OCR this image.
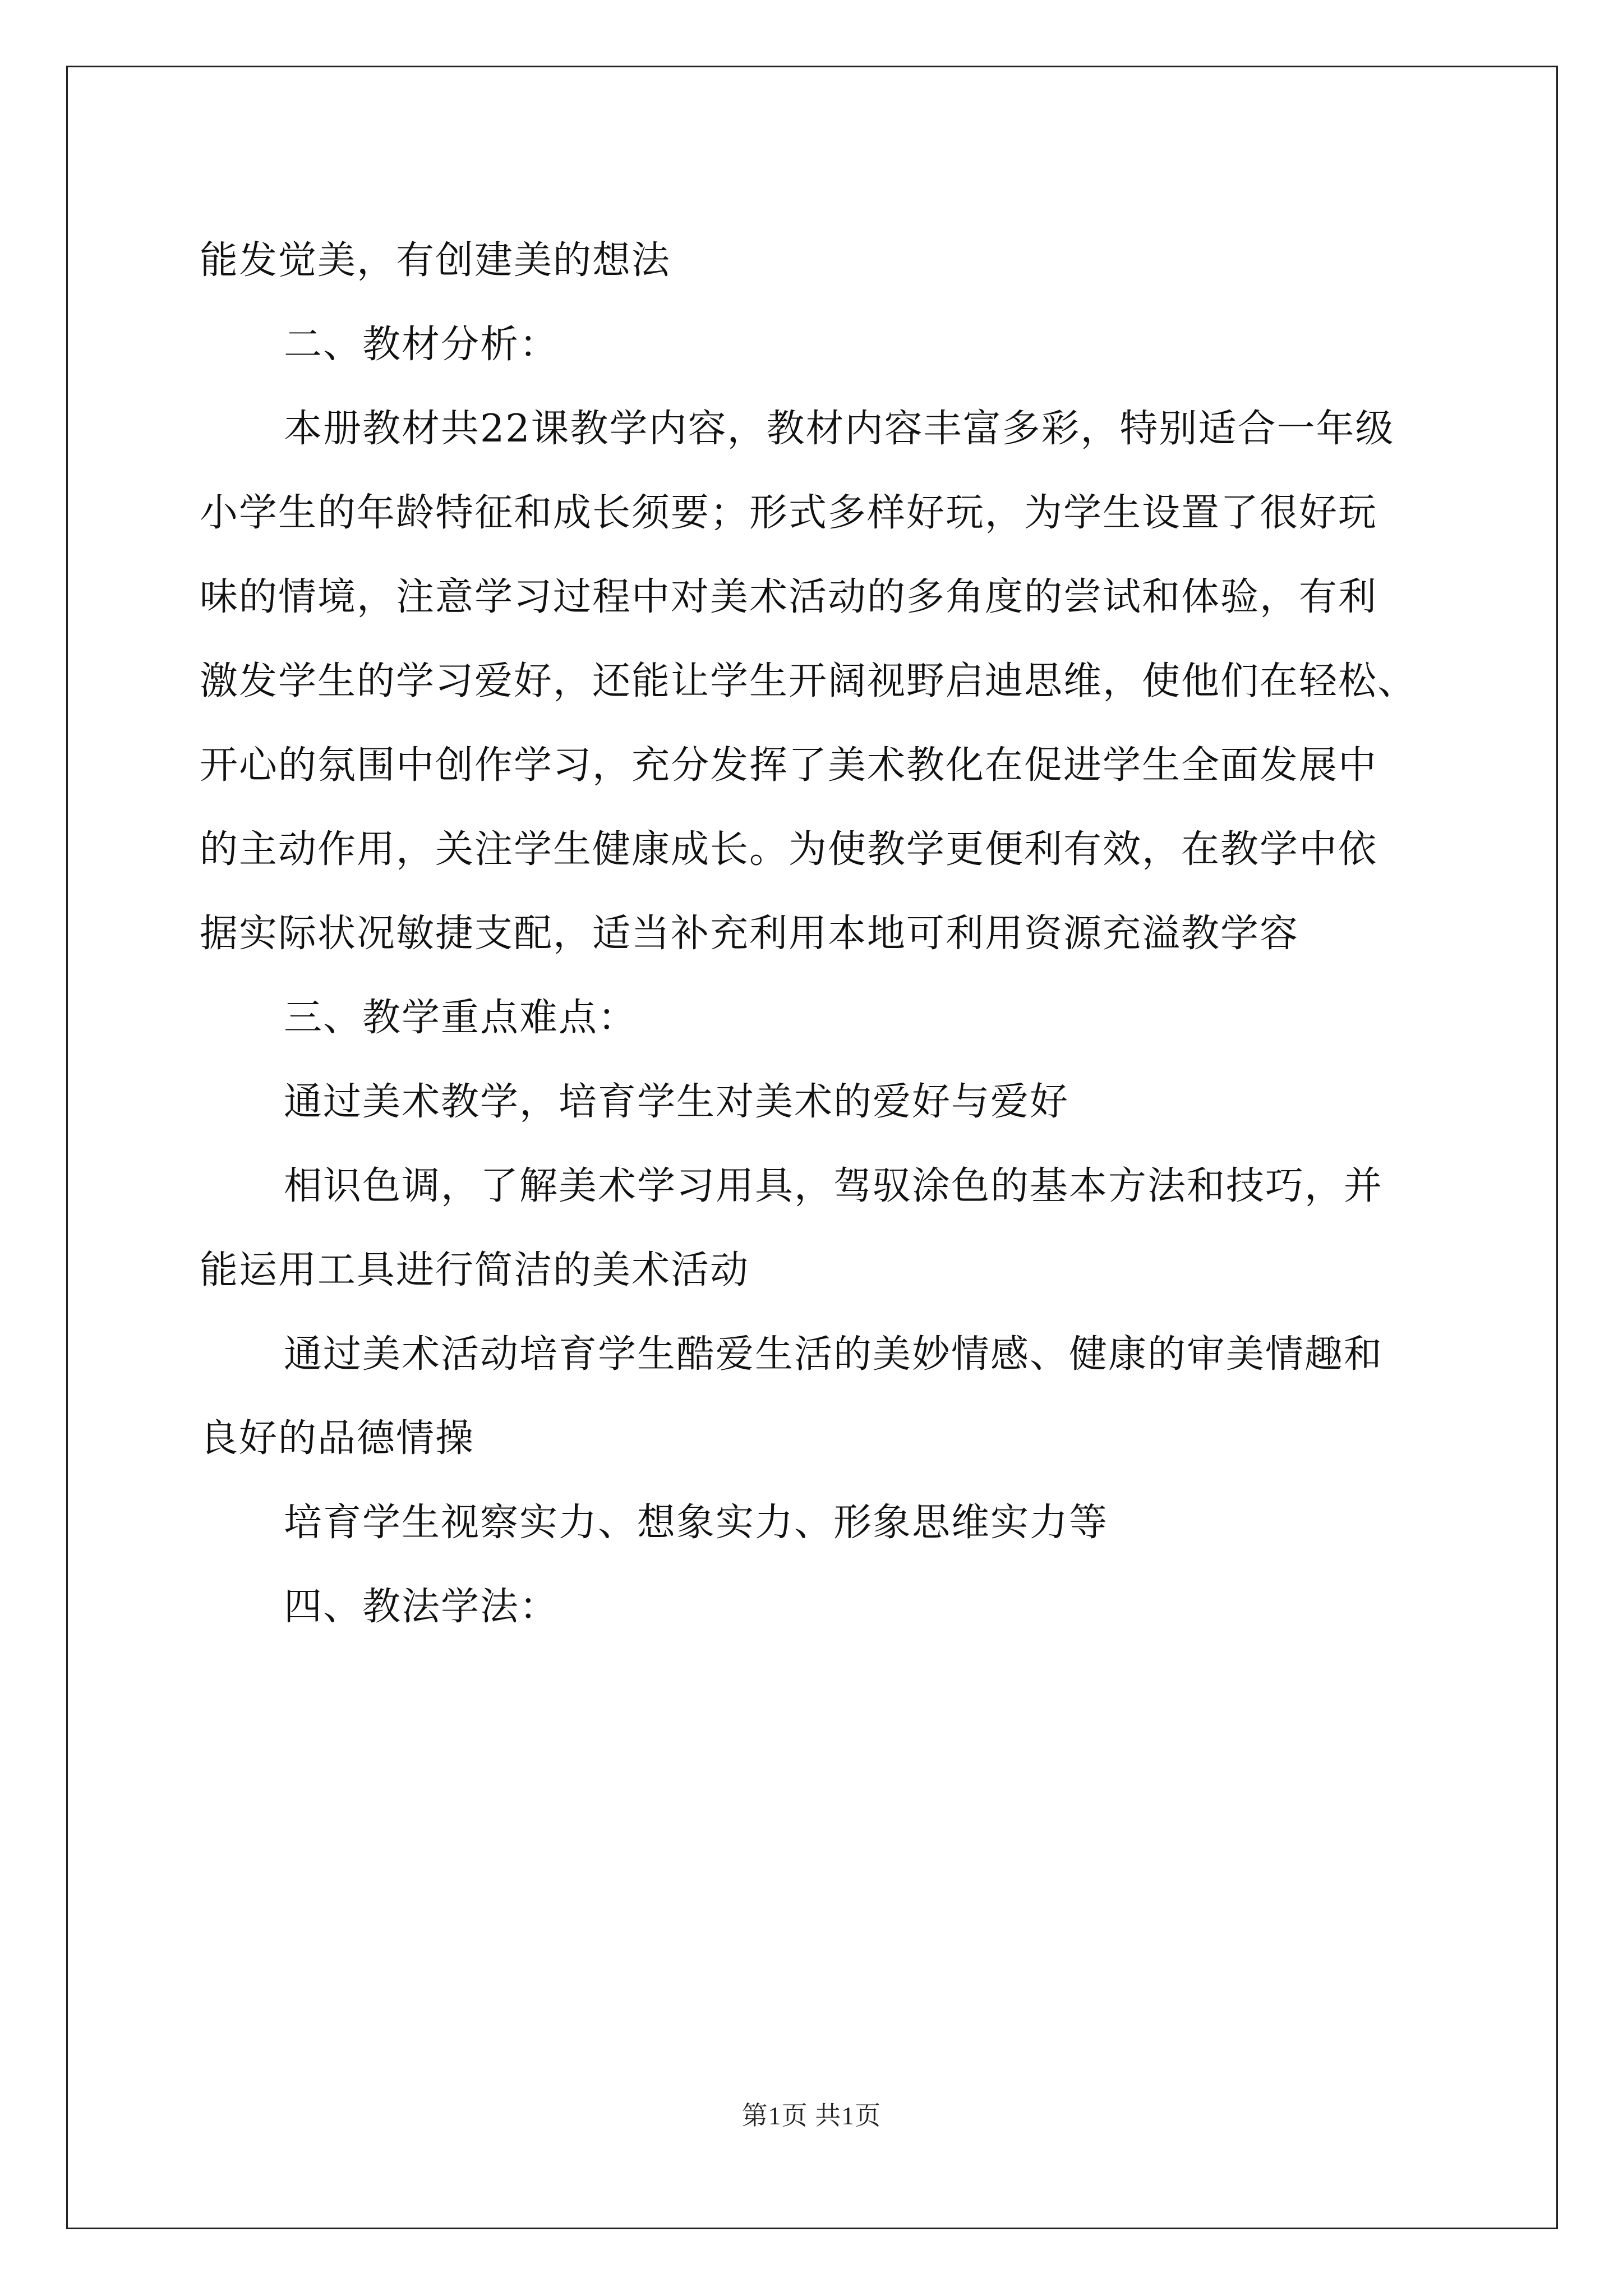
能发觉美，有创建美的想法
二、教材分析：
本册教材共22课教学内容，教材内容丰富多彩，特别适合一年级
小学生的年龄特征和成长须要；形式多样好玩，为学生设置了很好玩
味的情境，注意学习过程中对美术活动的多角度的尝试和体验，有利
激发学生的学习爱好，还能让学生开阔视野启迪思维，使他们在轻松、
开心的氛围中创作学习，充分发挥了美术教化在促进学生全面发展中
的主动作用，关注学生健康成长。为使教学更便利有效，在教学中依
据实际状况敏捷支配，适当补充利用本地可利用资源充溢教学容
三、教学重点难点：
通过美术教学，培育学生对美术的爱好与爱好
相识色调，了解美术学习用具，驾驭涂色的基本方法和技巧，并
能运用工具进行简洁的美术活动
通过美术活动培育学生酷爱生活的美妙情感、健康的审美情趣和
良好的品德情操
培育学生视察实力、想象实力、形象思维实力等
四、教法学法：
第1页 共1页
